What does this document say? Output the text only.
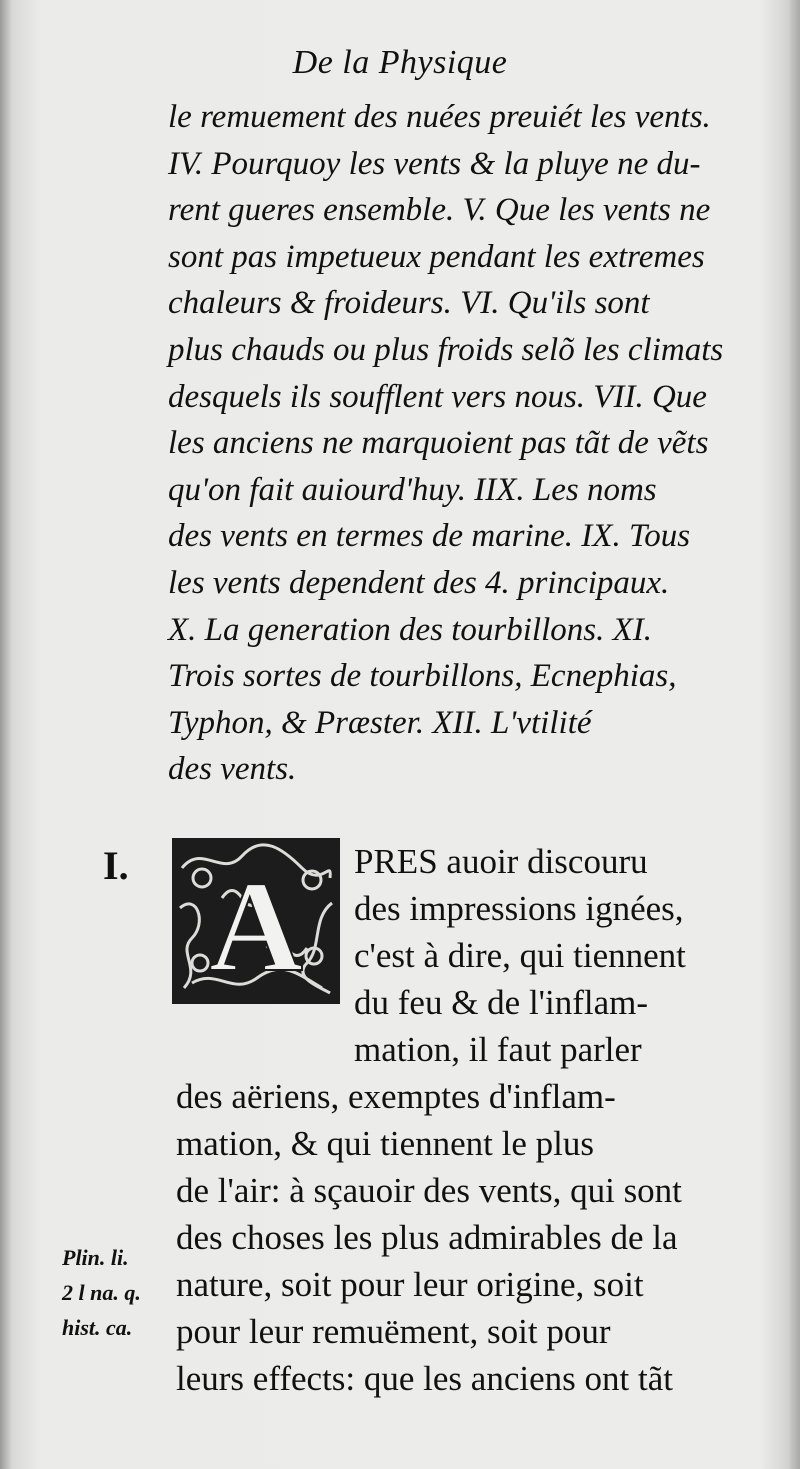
De la Physique
le remuement des nuées preuiét les vents.
IV. Pourquoy les vents & la pluye ne du-
rent gueres ensemble. V. Que les vents ne
sont pas impetueux pendant les extremes
chaleurs & froideurs. VI. Qu'ils sont
plus chauds ou plus froids selõ les climats
desquels ils soufflent vers nous. VII. Que
les anciens ne marquoient pas tãt de vẽts
qu'on fait auiourd'huy. IIX. Les noms
des vents en termes de marine. IX. Tous
les vents dependent des 4. principaux.
X. La generation des tourbillons. XI.
Trois sortes de tourbillons, Ecnephias,
Typhon, & Præster. XII. L'vtilité
des vents.
I. A	PRES auoir discouru
des impressions ignées,
c'est à dire, qui tiennent
du feu & de l'inflam-
mation, il faut parler
des aëriens, exemptes d'inflam-
mation, & qui tiennent le plus
de l'air: à sçauoir des vents, qui sont
des choses les plus admirables de la
nature, soit pour leur origine, soit
pour leur remuëment, soit pour
leurs effects: que les anciens ont tãt
Plin. li.
2 l na. q.
hist. ca.
